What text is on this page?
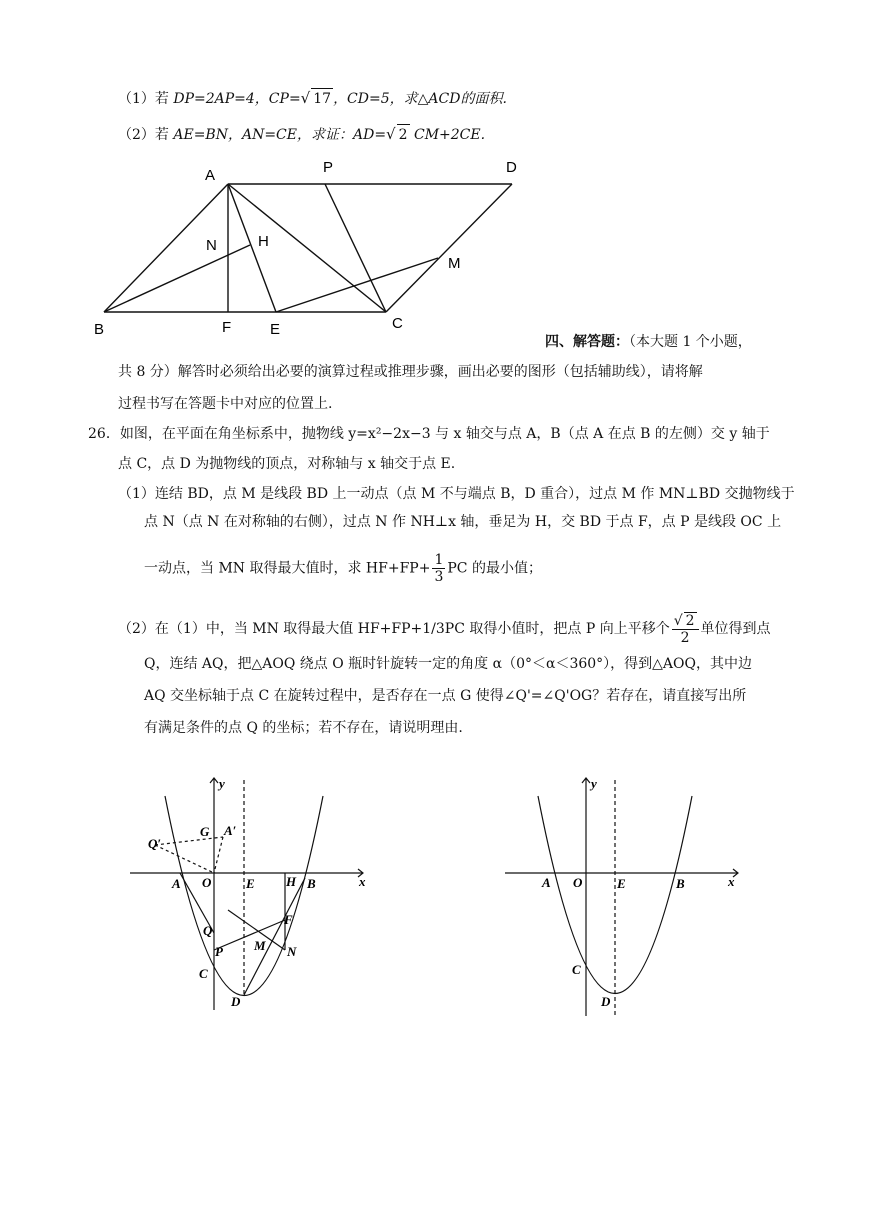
（1）若 DP=2AP=4，CP=√ 17 ，CD=5，求△ACD的面积.
（2）若 AE=BN，AN=CE，求证：AD=√ 2 CM+2CE.
A	P	D
N	H
M
B	F	E	C
四、解答题：（本大题 1 个小题，
共 8 分）解答时必须给出必要的演算过程或推理步骤，画出必要的图形（包括辅助线），请将解
过程书写在答题卡中对应的位置上.
26．如图，在平面在角坐标系中，抛物线 y=x²−2x−3 与 x 轴交与点 A，B（点 A 在点 B 的左侧）交 y 轴于
点 C，点 D 为抛物线的顶点，对称轴与 x 轴交于点 E.
（1）连结 BD，点 M 是线段 BD 上一动点（点 M 不与端点 B，D 重合），过点 M 作 MN⊥BD 交抛物线于
点 N（点 N 在对称轴的右侧），过点 N 作 NH⊥x 轴，垂足为 H，交 BD 于点 F，点 P 是线段 OC 上
一动点，当 MN 取得最大值时，求 $HF+FP+ \frac{1}{3}$ PC 的最小值；
（2）在（1）中，当 MN 取得最大值 HF+FP+1/3PC 取得小值时，把点 P 向上平移个 $\frac{√ 2}{2}$ 单位得到点
Q，连结 AQ，把△AOQ 绕点 O 瓶时针旋转一定的角度 α（0°＜α＜360°），得到△AOQ，其中边
AQ 交坐标轴于点 C 在旋转过程中，是否存在一点 G 使得∠Q'=∠Q'OG？若存在，请直接写出所
有满足条件的点 Q 的坐标；若不存在，请说明理由.
y
x
G A′
Q′
A O	E H B
F
Q
M
P	N
C
D
y
x
A O	E	B
C
D
